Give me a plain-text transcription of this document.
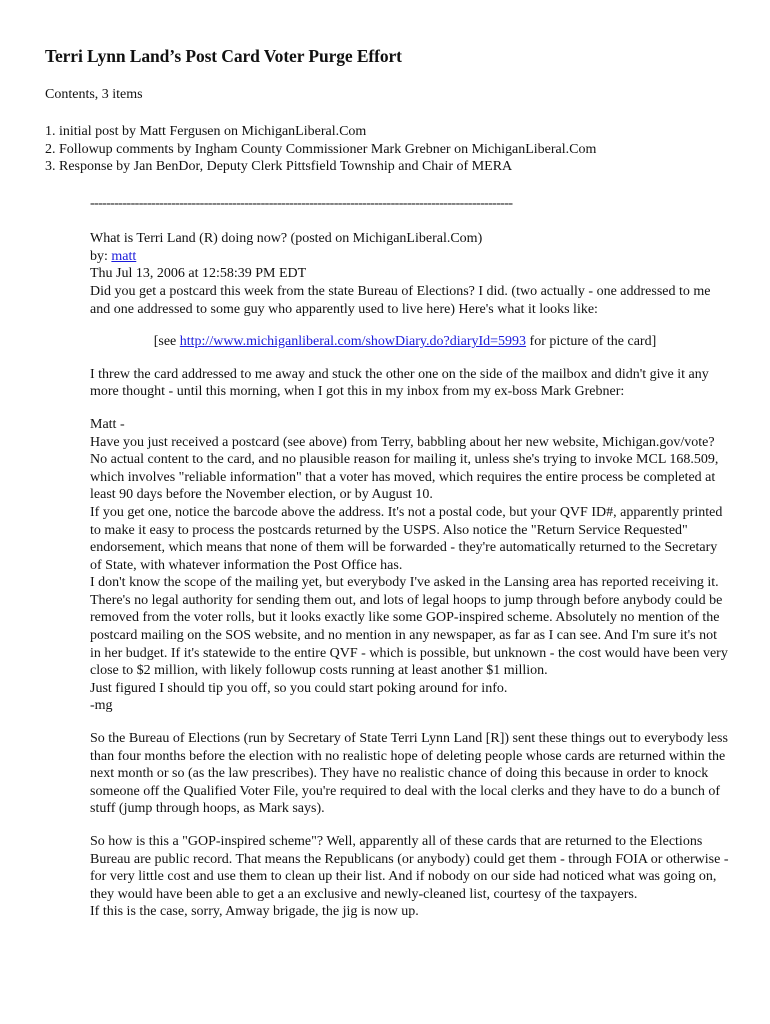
Terri Lynn Land’s Post Card Voter Purge Effort
Contents, 3 items
1. initial post by Matt Fergusen on MichiganLiberal.Com
2. Followup comments by Ingham County Commissioner Mark Grebner on MichiganLiberal.Com
3. Response by Jan BenDor, Deputy Clerk Pittsfield Township and Chair of MERA
--------------------------------------------------------------------------------------------------------
What is Terri Land (R) doing now? (posted on MichiganLiberal.Com)
by: matt
Thu Jul 13, 2006 at 12:58:39 PM EDT

Did you get a postcard this week from the state Bureau of Elections? I did. (two actually - one addressed to me and one addressed to some guy who apparently used to live here) Here's what it looks like:

[see http://www.michiganliberal.com/showDiary.do?diaryId=5993 for picture of the card]

I threw the card addressed to me away and stuck the other one on the side of the mailbox and didn't give it any more thought - until this morning, when I got this in my inbox from my ex-boss Mark Grebner:

Matt -

Have you just received a postcard (see above) from Terry, babbling about her new website, Michigan.gov/vote? No actual content to the card, and no plausible reason for mailing it, unless she's trying to invoke MCL 168.509, which involves "reliable information" that a voter has moved, which requires the entire process be completed at least 90 days before the November election, or by August 10.

If you get one, notice the barcode above the address. It's not a postal code, but your QVF ID#, apparently printed to make it easy to process the postcards returned by the USPS. Also notice the "Return Service Requested" endorsement, which means that none of them will be forwarded - they're automatically returned to the Secretary of State, with whatever information the Post Office has.

I don't know the scope of the mailing yet, but everybody I've asked in the Lansing area has reported receiving it. There's no legal authority for sending them out, and lots of legal hoops to jump through before anybody could be removed from the voter rolls, but it looks exactly like some GOP-inspired scheme. Absolutely no mention of the postcard mailing on the SOS website, and no mention in any newspaper, as far as I can see. And I'm sure it's not in her budget. If it's statewide to the entire QVF - which is possible, but unknown - the cost would have been very close to $2 million, with likely followup costs running at least another $1 million.

Just figured I should tip you off, so you could start poking around for info.

-mg

So the Bureau of Elections (run by Secretary of State Terri Lynn Land [R]) sent these things out to everybody less than four months before the election with no realistic hope of deleting people whose cards are returned within the next month or so (as the law prescribes). They have no realistic chance of doing this because in order to knock someone off the Qualified Voter File, you're required to deal with the local clerks and they have to do a bunch of stuff (jump through hoops, as Mark says).

So how is this a "GOP-inspired scheme"? Well, apparently all of these cards that are returned to the Elections Bureau are public record. That means the Republicans (or anybody) could get them - through FOIA or otherwise - for very little cost and use them to clean up their list. And if nobody on our side had noticed what was going on, they would have been able to get a an exclusive and newly-cleaned list, courtesy of the taxpayers.

If this is the case, sorry, Amway brigade, the jig is now up.
